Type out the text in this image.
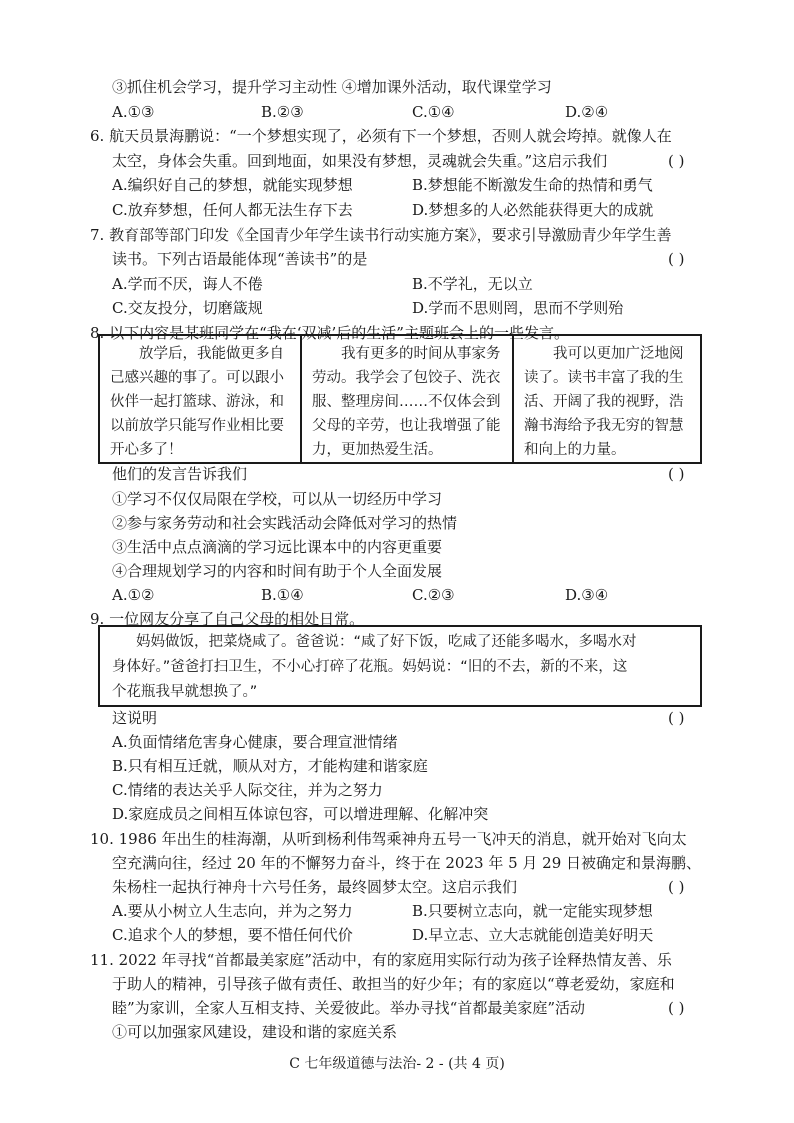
③抓住机会学习，提升学习主动性 ④增加课外活动，取代课堂学习
A.①③	B.②③	C.①④	D.②④
6. 航天员景海鹏说：“一个梦想实现了，必须有下一个梦想，否则人就会垮掉。就像人在
太空，身体会失重。回到地面，如果没有梦想，灵魂就会失重。”这启示我们	( )
A.编织好自己的梦想，就能实现梦想	B.梦想能不断激发生命的热情和勇气
C.放弃梦想，任何人都无法生存下去	D.梦想多的人必然能获得更大的成就
7. 教育部等部门印发《全国青少年学生读书行动实施方案》，要求引导激励青少年学生善
读书。下列古语最能体现“善读书”的是	( )
A.学而不厌，诲人不倦	B.不学礼，无以立
C.交友投分，切磨箴规	D.学而不思则罔，思而不学则殆
8. 以下内容是某班同学在“我在‘双减’后的生活”主题班会上的一些发言。
放学后，我能做更多自己感兴趣的事了。可以跟小伙伴一起打篮球、游泳，和以前放学只能写作业相比要开心多了！
我有更多的时间从事家务劳动。我学会了包饺子、洗衣服、整理房间……不仅体会到父母的辛劳，也让我增强了能力，更加热爱生活。
我可以更加广泛地阅读了。读书丰富了我的生活、开阔了我的视野，浩瀚书海给予我无穷的智慧和向上的力量。
他们的发言告诉我们	( )
①学习不仅仅局限在学校，可以从一切经历中学习
②参与家务劳动和社会实践活动会降低对学习的热情
③生活中点点滴滴的学习远比课本中的内容更重要
④合理规划学习的内容和时间有助于个人全面发展
A.①②	B.①④	C.②③	D.③④
9. 一位网友分享了自己父母的相处日常。
妈妈做饭，把菜烧咸了。爸爸说：“咸了好下饭，吃咸了还能多喝水，多喝水对
身体好。”爸爸打扫卫生，不小心打碎了花瓶。妈妈说：“旧的不去，新的不来，这
个花瓶我早就想换了。”
这说明	( )
A.负面情绪危害身心健康，要合理宣泄情绪
B.只有相互迁就，顺从对方，才能构建和谐家庭
C.情绪的表达关乎人际交往，并为之努力
D.家庭成员之间相互体谅包容，可以增进理解、化解冲突
10. 1986 年出生的桂海潮，从听到杨利伟驾乘神舟五号一飞冲天的消息，就开始对飞向太
空充满向往，经过 20 年的不懈努力奋斗，终于在 2023 年 5 月 29 日被确定和景海鹏、
朱杨柱一起执行神舟十六号任务，最终圆梦太空。这启示我们	( )
A.要从小树立人生志向，并为之努力	B.只要树立志向，就一定能实现梦想
C.追求个人的梦想，要不惜任何代价	D.早立志、立大志就能创造美好明天
11. 2022 年寻找“首都最美家庭”活动中，有的家庭用实际行动为孩子诠释热情友善、乐
于助人的精神，引导孩子做有责任、敢担当的好少年；有的家庭以“尊老爱幼，家庭和
睦”为家训，全家人互相支持、关爱彼此。举办寻找“首都最美家庭”活动	( )
①可以加强家风建设，建设和谐的家庭关系
C 七年级道德与法治- 2 - (共 4 页)
